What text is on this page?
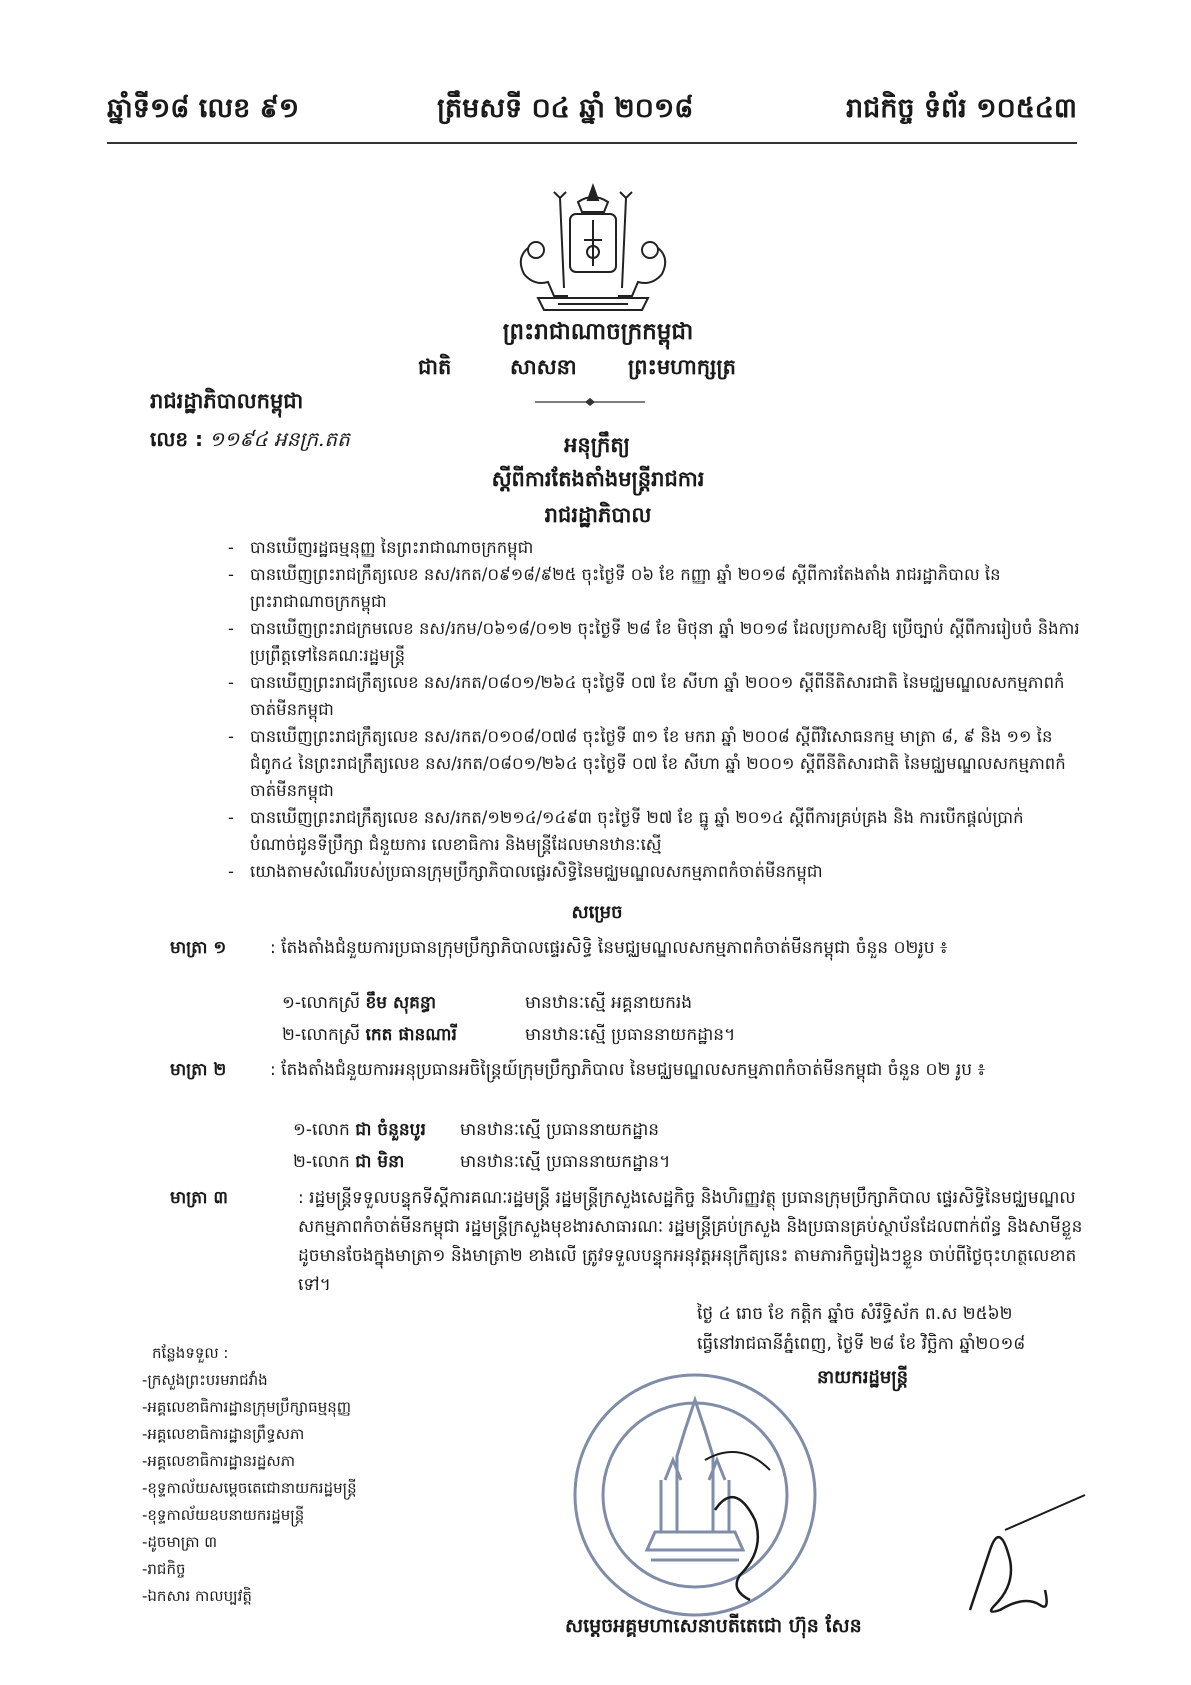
ឆ្នាំទី១៨ លេខ ៩១	ត្រឹមសទី ០៤ ឆ្នាំ ២០១៨	រាជកិច្ច ទំព័រ ១០៥៤៣
ព្រះរាជាណាចក្រកម្ពុជា
ជាតិ	សាសនា ព្រះមហាក្សត្រ
រាជរដ្ឋាភិបាលកម្ពុជា
លេខ : ១១៩៤ អនក្រ.តត	អនុក្រឹត្យ
ស្តីពីការតែងតាំងមន្ត្រីរាជការ
រាជរដ្ឋាភិបាល
- បានឃើញរដ្ឋធម្មនុញ្ញ នៃព្រះរាជាណាចក្រកម្ពុជា
- បានឃើញព្រះរាជក្រឹត្យលេខ នស/រកត/០៩១៨/៩២៥ ចុះថ្ងៃទី ០៦ ខែ កញ្ញា ឆ្នាំ ២០១៨ ស្តីពីការតែងតាំង រាជរដ្ឋាភិបាល នៃព្រះរាជាណាចក្រកម្ពុជា
- បានឃើញព្រះរាជក្រមលេខ នស/រកម/០៦១៨/០១២ ចុះថ្ងៃទី ២៨ ខែ មិថុនា ឆ្នាំ ២០១៨ ដែលប្រកាសឱ្យ ប្រើច្បាប់ ស្តីពីការរៀបចំ និងការប្រព្រឹត្តទៅនៃគណៈរដ្ឋមន្ត្រី
- បានឃើញព្រះរាជក្រឹត្យលេខ នស/រកត/០៨០១/២៦៤ ចុះថ្ងៃទី ០៧ ខែ សីហា ឆ្នាំ ២០០១ ស្តីពីនីតិសារជាតិ នៃមជ្ឈមណ្ឌលសកម្មភាពកំចាត់មីនកម្ពុជា
- បានឃើញព្រះរាជក្រឹត្យលេខ នស/រកត/០១០៨/០៧៨ ចុះថ្ងៃទី ៣១ ខែ មករា ឆ្នាំ ២០០៨ ស្តីពីវិសោធនកម្ម មាត្រា ៨, ៩ និង ១១ នៃជំពូក៤ នៃព្រះរាជក្រឹត្យលេខ នស/រកត/០៨០១/២៦៤ ចុះថ្ងៃទី ០៧ ខែ សីហា ឆ្នាំ ២០០១ ស្តីពីនីតិសារជាតិ នៃមជ្ឈមណ្ឌលសកម្មភាពកំចាត់មីនកម្ពុជា
- បានឃើញព្រះរាជក្រឹត្យលេខ នស/រកត/១២១៤/១៤៩៣ ចុះថ្ងៃទី ២៧ ខែ ធ្នូ ឆ្នាំ ២០១៤ ស្តីពីការគ្រប់គ្រង និង ការបើកផ្តល់ប្រាក់បំណាច់ជូនទីប្រឹក្សា ជំនួយការ លេខាធិការ និងមន្ត្រីដែលមានឋានៈស្មើ
- យោងតាមសំណើរបស់ប្រធានក្រុមប្រឹក្សាភិបាលផ្លេរសិទ្ធិនៃមជ្ឈមណ្ឌលសកម្មភាពកំចាត់មីនកម្ពុជា
សម្រេច
មាត្រា ១	: តែងតាំងជំនួយការប្រធានក្រុមប្រឹក្សាភិបាលផ្ទេរសិទ្ធិ នៃមជ្ឈមណ្ឌលសកម្មភាពកំចាត់មីនកម្ពុជា ចំនួន ០២រូប ៖
១-លោកស្រី ខឹម សុគន្ធា	មានឋានៈស្មើ អគ្គនាយករង
២-លោកស្រី កេត ផានណារី	មានឋានៈស្មើ ប្រធាននាយកដ្ឋាន។
មាត្រា ២	: តែងតាំងជំនួយការអនុប្រធានអចិន្ត្រៃយ៍ក្រុមប្រឹក្សាភិបាល នៃមជ្ឈមណ្ឌលសកម្មភាពកំចាត់មីនកម្ពុជា ចំនួន ០២ រូប ៖
១-លោក ជា ចំនួនបូរ មានឋានៈស្មើ ប្រធាននាយកដ្ឋាន
២-លោក ជា មិនា	មានឋានៈស្មើ ប្រធាននាយកដ្ឋាន។
មាត្រា ៣	: រដ្ឋមន្ត្រីទទួលបន្ទុកទីស្តីការគណៈរដ្ឋមន្ត្រី រដ្ឋមន្ត្រីក្រសួងសេដ្ឋកិច្ច និងហិរញ្ញវត្ថុ ប្រធានក្រុមប្រឹក្សាភិបាល ផ្ទេរសិទ្ធិនៃមជ្ឈមណ្ឌលសកម្មភាពកំចាត់មីនកម្ពុជា រដ្ឋមន្ត្រីក្រសួងមុខងារសាធារណៈ រដ្ឋមន្ត្រីគ្រប់ក្រសួង និងប្រធានគ្រប់ស្ថាប័នដែលពាក់ព័ន្ធ និងសាមីខ្លួនដូចមានចែងក្នុងមាត្រា១ និងមាត្រា២ ខាងលើ ត្រូវទទួលបន្ទុកអនុវត្តអនុក្រឹត្យនេះ តាមភារកិច្ចរៀងៗខ្លួន ចាប់ពីថ្ងៃចុះហត្ថលេខាតទៅ។
ថ្ងៃ ៤ រោច ខែ កត្តិក ឆ្នាំច សំរឹទ្ធិស័ក ព.ស ២៥៦២
ធ្វើនៅរាជធានីភ្នំពេញ, ថ្ងៃទី ២៨ ខែ វិច្ឆិកា ឆ្នាំ២០១៨
នាយករដ្ឋមន្ត្រី
កន្លែងទទួល :
-ក្រសួងព្រះបរមរាជវាំង
-អគ្គលេខាធិការដ្ឋានក្រុមប្រឹក្សាធម្មនុញ្ញ
-អគ្គលេខាធិការដ្ឋានព្រឹទ្ធសភា
-អគ្គលេខាធិការដ្ឋានរដ្ឋសភា
-ខុទ្ទកាល័យសម្តេចតេជោនាយករដ្ឋមន្ត្រី
-ខុទ្ទកាល័យឧបនាយករដ្ឋមន្ត្រី
-ដូចមាត្រា ៣
-រាជកិច្ច
-ឯកសារ កាលប្បវត្តិ
សម្តេចអគ្គមហាសេនាបតីតេជោ ហ៊ុន សែន
